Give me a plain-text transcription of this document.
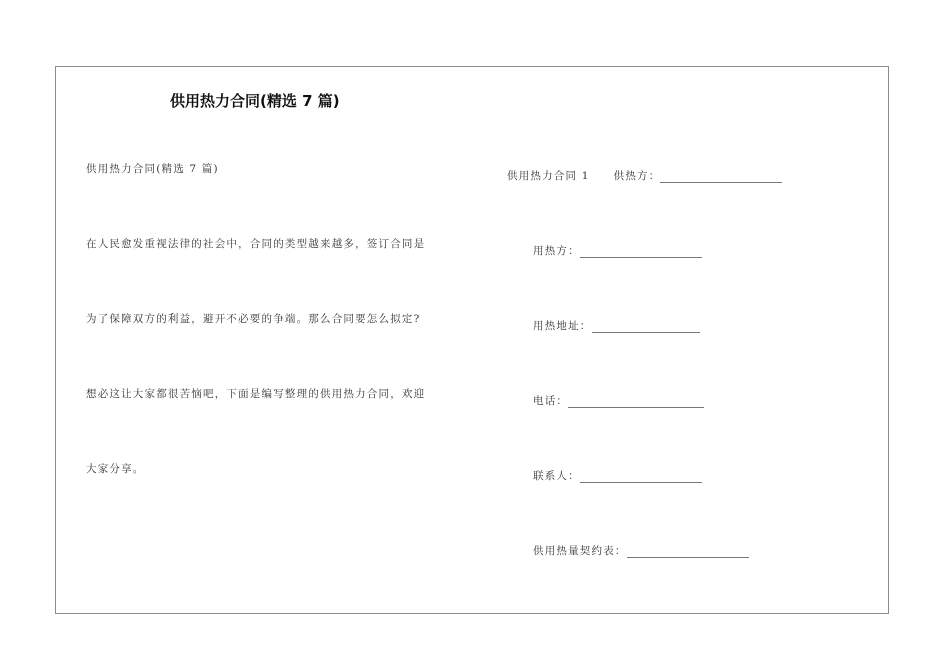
供用热力合同(精选 7 篇)

供用热力合同(精选 7 篇)

在人民愈发重视法律的社会中，合同的类型越来越多，签订合同是

为了保障双方的利益，避开不必要的争端。那么合同要怎么拟定?

想必这让大家都很苦恼吧，下面是编写整理的供用热力合同，欢迎

大家分享。

供用热力合同 1 供热方：
用热方：
用热地址：
电话：
联系人：
供用热量契约表：
